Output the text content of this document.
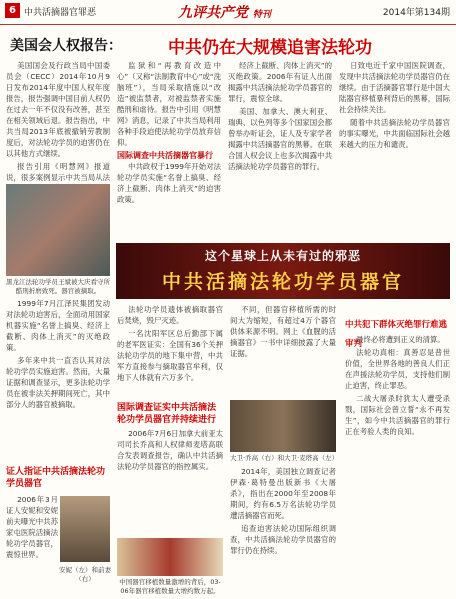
6 中共活摘器官罪恶	九评共产党 特刊	2014年第134期
美国会人权报告：	中共仍在大规模追害法轮功

美国国会及行政当局中国委员会（CECC）2014年10月9日发布2014年度中国人权年度报告，报告强调中国目前人权仍在过去一年不仅没有改善，甚至在相关领域后退。报告指出，中共当局2013年底被撤销劳教制度后，对法轮功学员的迫害仍在以其他方式继续。

报告引用《明慧网》报道说，很多案例显示中共当局从法

监狱和“再教育改造中心”（又称“法制教育中心”或“洗脑班”），当局采取措施以“改造”被监禁者，对被监禁者实施酷刑和虐待。报告中引用《明慧网》消息，记录了中共当局利用各种手段迫使法轮功学员放弃信仰。

国际调查中共活摘器官暴行

中共政权于1999年开始对法轮功学员实施“名誉上搞臭、经济上截断、肉体上消灭”的迫害政策。

经济上截断、肉体上消灭”的灭绝政策。2006年有证人出面揭露中共活摘法轮功学员器官的罪行，震惊全球。

美国、加拿大、澳大利亚、瑞典、以色列等多个国家国会都曾举办听证会，证人及专家学者揭露中共活摘器官的黑幕。在联合国人权会议上也多次揭露中共活摘法轮功学员器官的罪行。

日致电近千家中国医院调查，发现中共活摘法轮功学员器官仍在继续。由于活摘器官罪行是中国大陆器官移植暴利背后的黑幕，国际社会持续关注。

随着中共活摘法轮功学员器官的事实曝光，中共面临国际社会越来越大的压力和谴责。

黑龙江法轮功学员王斌被大庆看守所酷刑折磨致死。器官被摘取。
这个星球上从未有过的邪恶
中共活摘法轮功学员器官

1999年7月江泽民集团发动对法轮功迫害后，全面动用国家机器实施“名誉上搞臭、经济上截断、肉体上消灭”的灭绝政策。

多年来中共一直否认其对法轮功学员实施迫害。然而，大量证据和调查显示，更多法轮功学员在被非法关押期间死亡，其中部分人的器官被摘取。

证人指证中共活摘法轮功学员器官

2006年3月证人安妮和安妮前夫曝光中共苏家屯医院活摘法轮功学员器官，震惊世界。

安妮（左）和前妻（右）

法轮功学员遗体被摘取器官后焚烧，毁尸灭迹。

一名沈阳军区总后勤部下属的老军医证实：全国有36个关押法轮功学员的地下集中营，中共军方直接参与摘取器官牟利，仅地下人体就有六万多个。

国际调查证实中共活摘法轮功学员器官并持续进行

2006年7月6日加拿大前亚太司司长乔高和人权律师麦塔高联合发表调查报告，确认中共活摘法轮功学员器官的指控属实。

中国器官移植数量激增的背后，03-06年器官移植数量大增约数万起。

不同，但器官移植所需的时间大为缩短，有超过4万个器官供体来源不明。网上《血腥的活摘器官》一书中详细披露了大量证据。

大卫·乔高（右）和大卫·麦塔高（左）

2014年，美国独立调查记者伊森·葛特曼出版新书《大屠杀》，指出在2000年至2008年期间，约有6.5万名法轮功学员遭活摘器官而死。

追查迫害法轮功国际组织调查，中共活摘法轮功学员器官的罪行仍在持续。

中共犯下群体灭绝罪行难逃审判

最终必将遭到正义的清算。

法轮功真相：真善忍是普世价值，全世界各地的善良人们正在声援法轮功学员，支持他们制止迫害，终止罪恶。

二战大屠杀时犹太人遭受杀戮，国际社会曾立誓“永不再发生”，如今中共活摘器官的罪行正在考验人类的良知。
